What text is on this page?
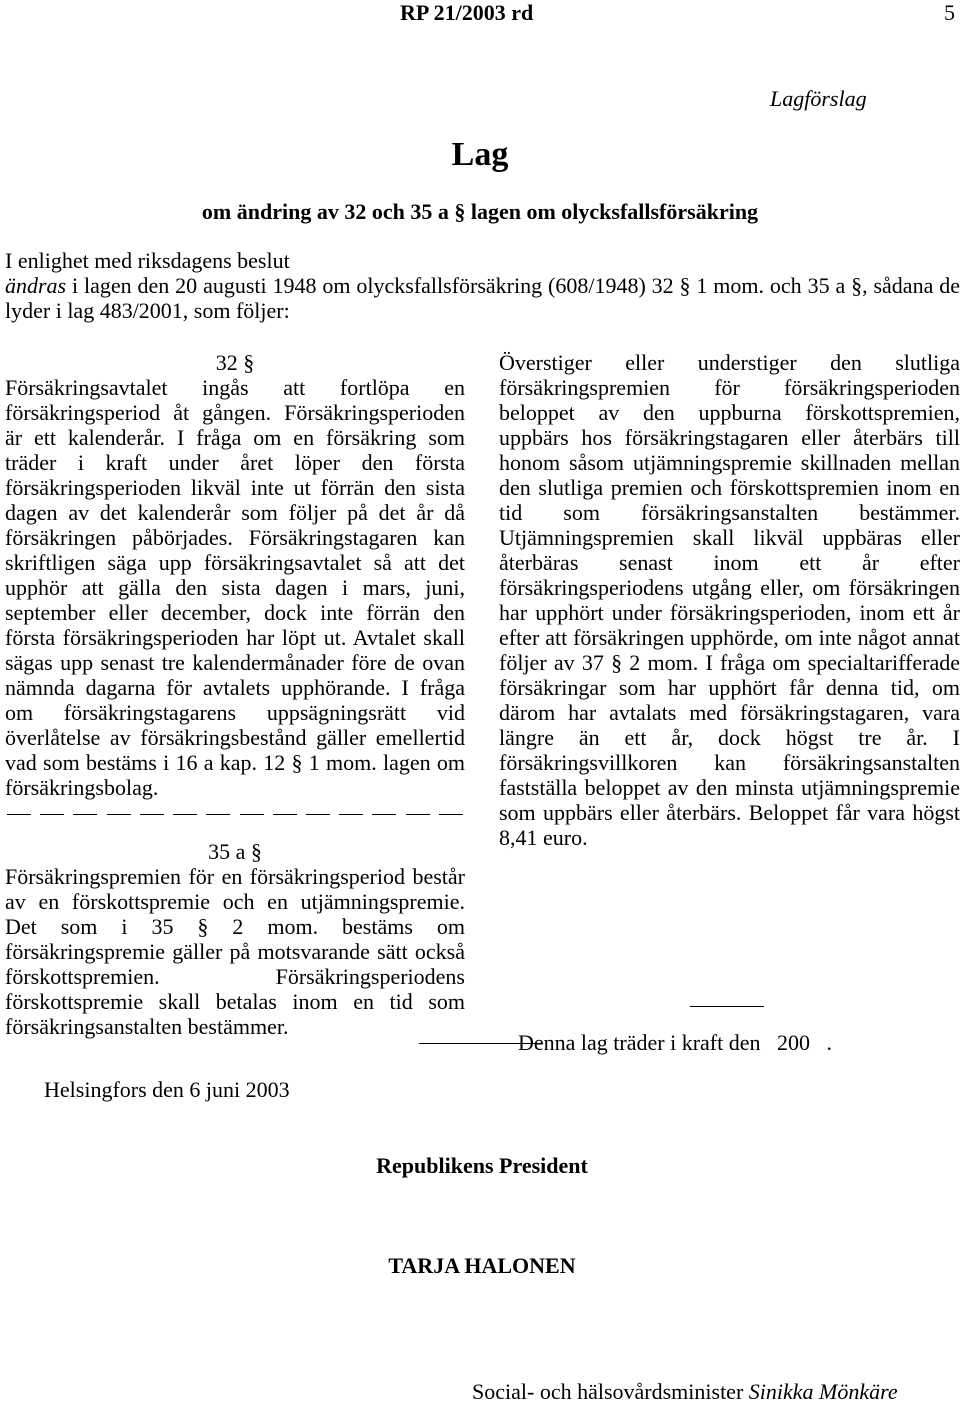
RP 21/2003 rd	5
Lagförslag
Lag
om ändring av 32 och 35 a § lagen om olycksfallsförsäkring
I enlighet med riksdagens beslut
ändras i lagen den 20 augusti 1948 om olycksfallsförsäkring (608/1948) 32 § 1 mom. och 35 a §, sådana de lyder i lag 483/2001, som följer:
32 §
Försäkringsavtalet ingås att fortlöpa en försäkringsperiod åt gången. Försäkringsperioden är ett kalenderår. I fråga om en försäkring som träder i kraft under året löper den första försäkringsperioden likväl inte ut förrän den sista dagen av det kalenderår som följer på det år då försäkringen påbörjades. Försäkringstagaren kan skriftligen säga upp försäkringsavtalet så att det upphör att gälla den sista dagen i mars, juni, september eller december, dock inte förrän den första försäkringsperioden har löpt ut. Avtalet skall sägas upp senast tre kalendermånader före de ovan nämnda dagarna för avtalets upphörande. I fråga om försäkringstagarens uppsägningsrätt vid överlåtelse av försäkringsbestånd gäller emellertid vad som bestäms i 16 a kap. 12 § 1 mom. lagen om försäkringsbolag.
35 a §
Försäkringspremien för en försäkringsperiod består av en förskottspremie och en utjämningspremie. Det som i 35 § 2 mom. bestäms om försäkringspremie gäller på motsvarande sätt också förskottspremien. Försäkringsperiodens förskottspremie skall betalas inom en tid som försäkringsanstalten bestämmer.
Överstiger eller understiger den slutliga försäkringspremien för försäkringsperioden beloppet av den uppburna förskottspremien, uppbärs hos försäkringstagaren eller återbärs till honom såsom utjämningspremie skillnaden mellan den slutliga premien och förskottspremien inom en tid som försäkringsanstalten bestämmer. Utjämningspremien skall likväl uppbäras eller återbäras senast inom ett år efter försäkringsperiodens utgång eller, om försäkringen har upphört under försäkringsperioden, inom ett år efter att försäkringen upphörde, om inte något annat följer av 37 § 2 mom. I fråga om specialtarifferade försäkringar som har upphört får denna tid, om därom har avtalats med försäkringstagaren, vara längre än ett år, dock högst tre år. I försäkringsvillkoren kan försäkringsanstalten fastställa beloppet av den minsta utjämningspremie som uppbärs eller återbärs. Beloppet får vara högst 8,41 euro.
Denna lag träder i kraft den 200   .
Helsingfors den 6 juni 2003
Republikens President
TARJA HALONEN
Social- och hälsovårdsminister Sinikka Mönkäre
